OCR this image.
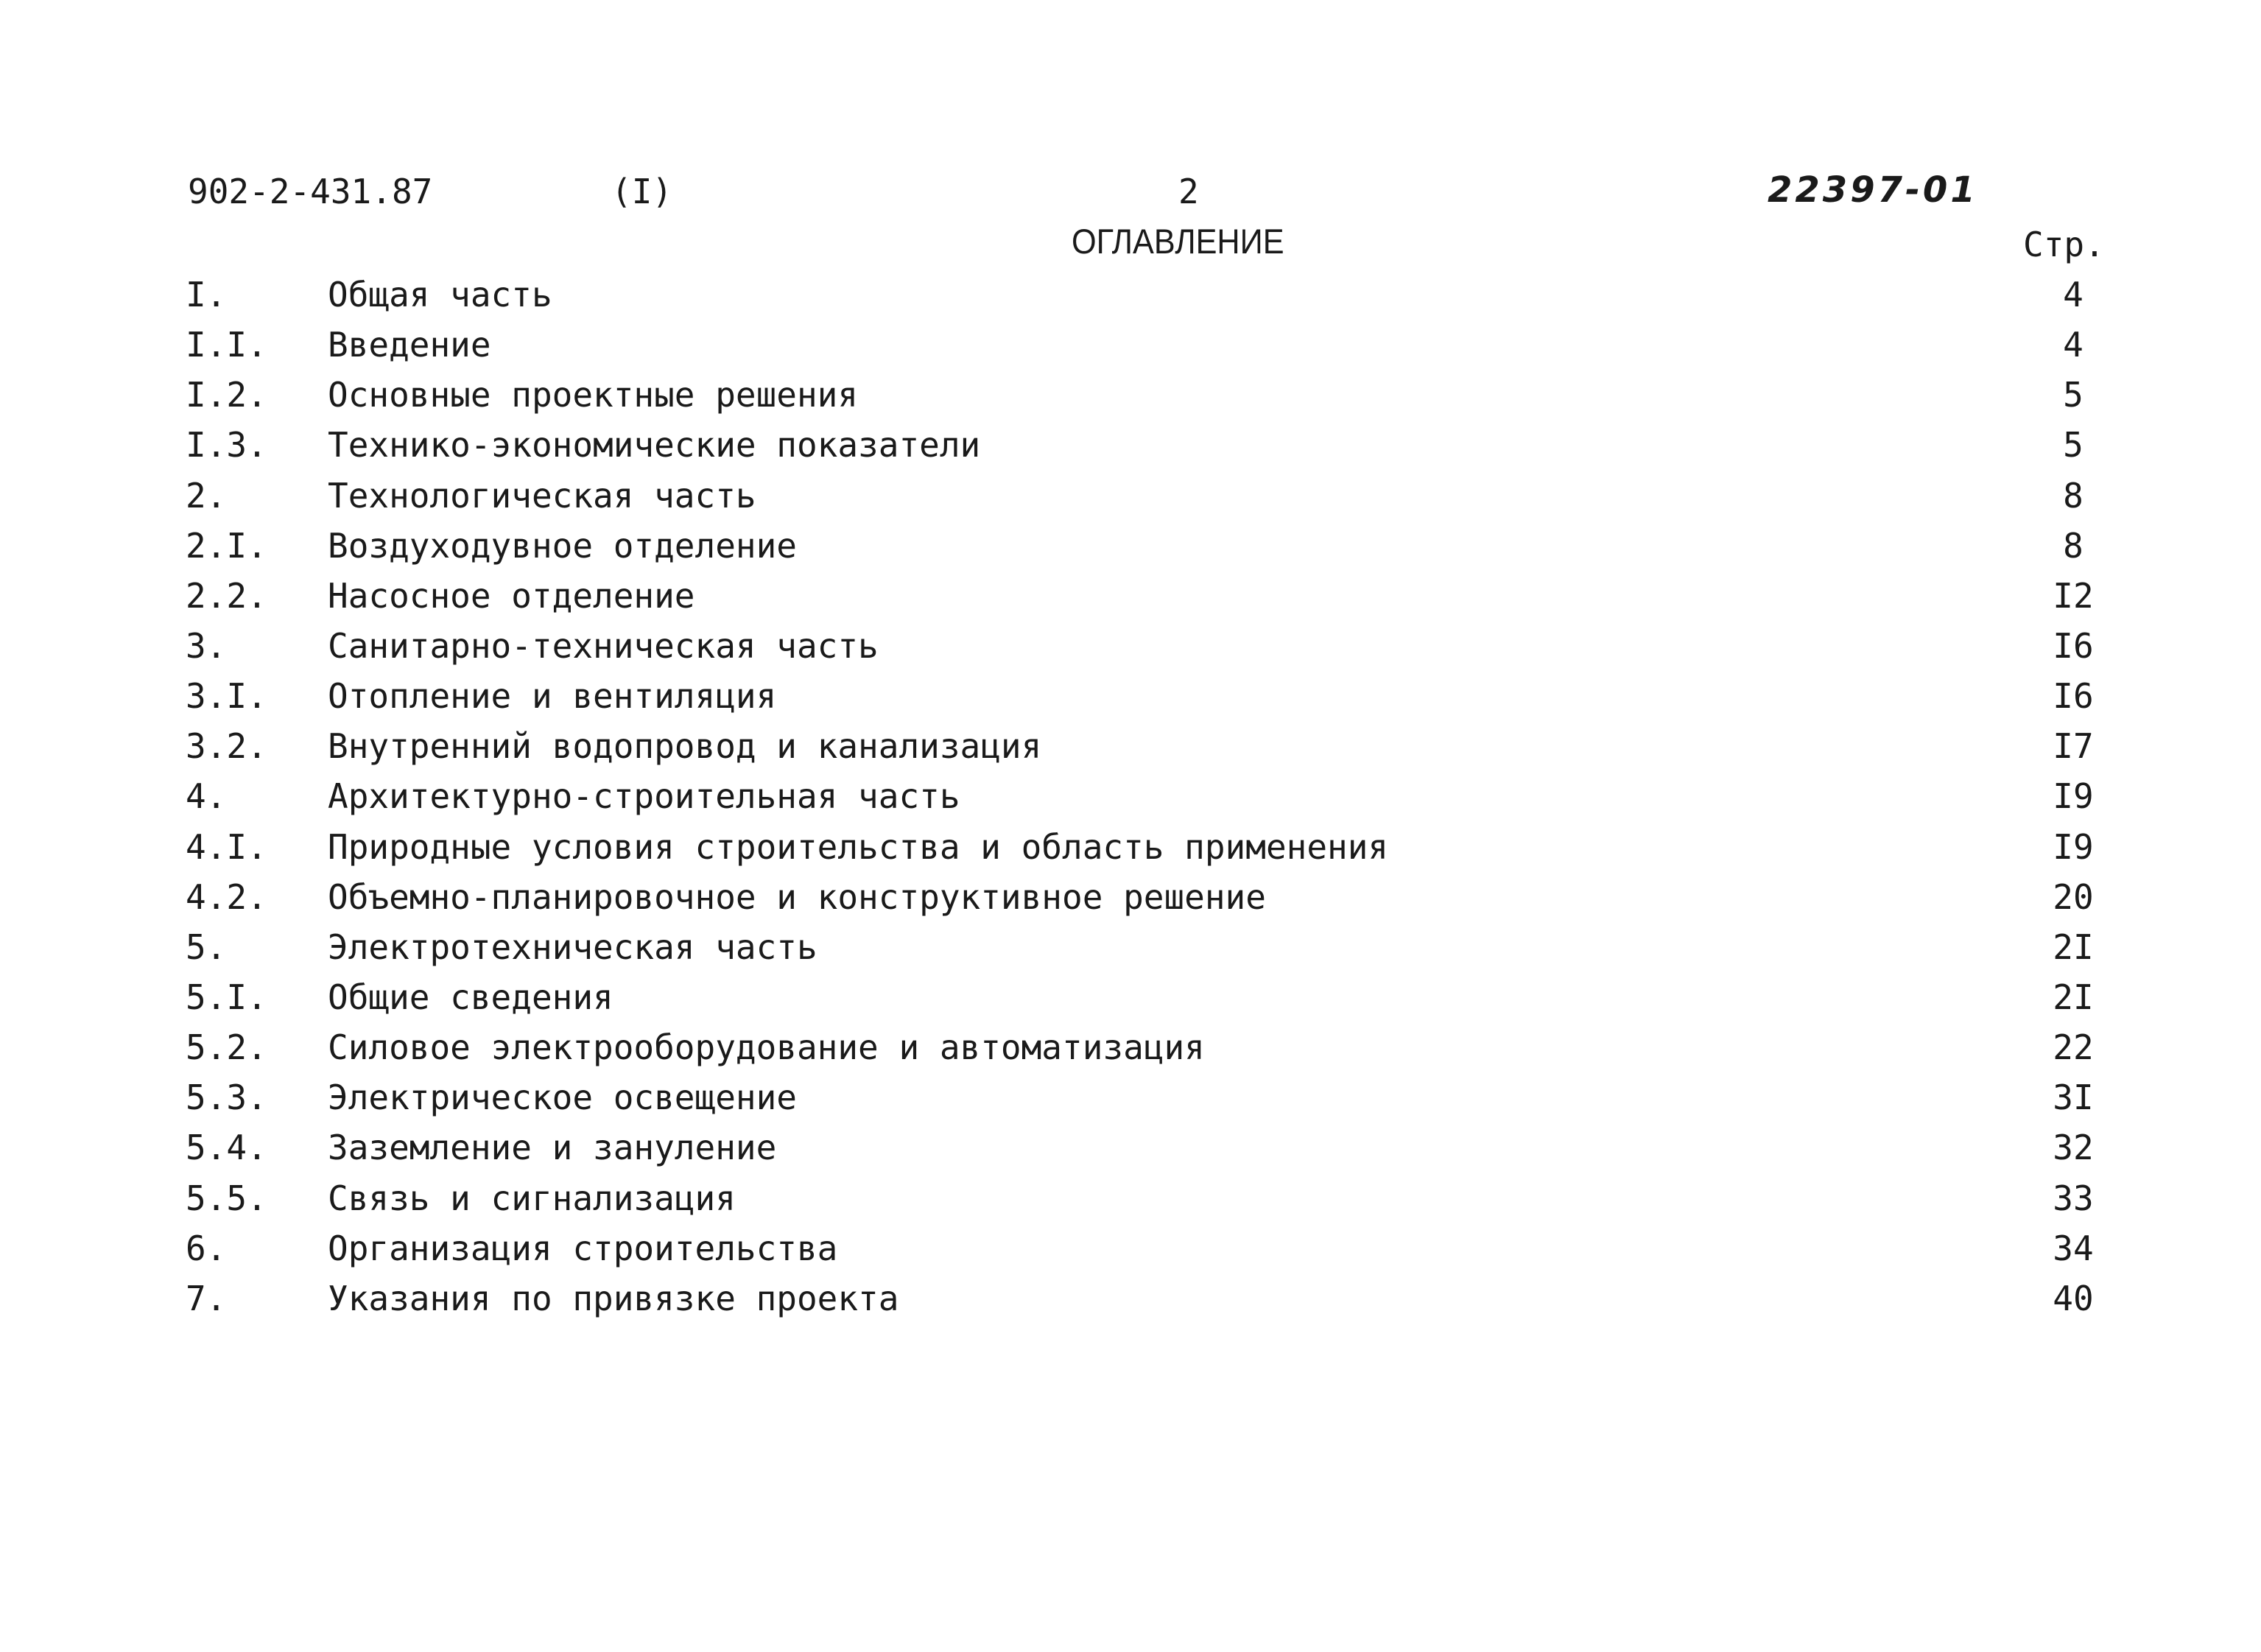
902-2-431.87	(I)	2	22397-01
ОГЛАВЛЕНИЕ	Стр.
I.	Общая часть	4
I.I. Введение	4
I.2. Основные проектные решения	5
I.3. Технико-экономические показатели	5
2.	Технологическая часть	8
2.I. Воздуходувное отделение	8
2.2. Насосное отделение	I2
3.	Санитарно-техническая часть	I6
3.I. Отопление и вентиляция	I6
3.2. Внутренний водопровод и канализация	I7
4.	Архитектурно-строительная часть	I9
4.I. Природные условия строительства и область применения	I9
4.2. Объемно-планировочное и конструктивное решение	20
5.	Электротехническая часть	2I
5.I. Общие сведения	2I
5.2. Силовое электрооборудование и автоматизация	22
5.3. Электрическое освещение	3I
5.4. Заземление и зануление	32
5.5. Связь и сигнализация	33
6.	Организация строительства	34
7.	Указания по привязке проекта	40
